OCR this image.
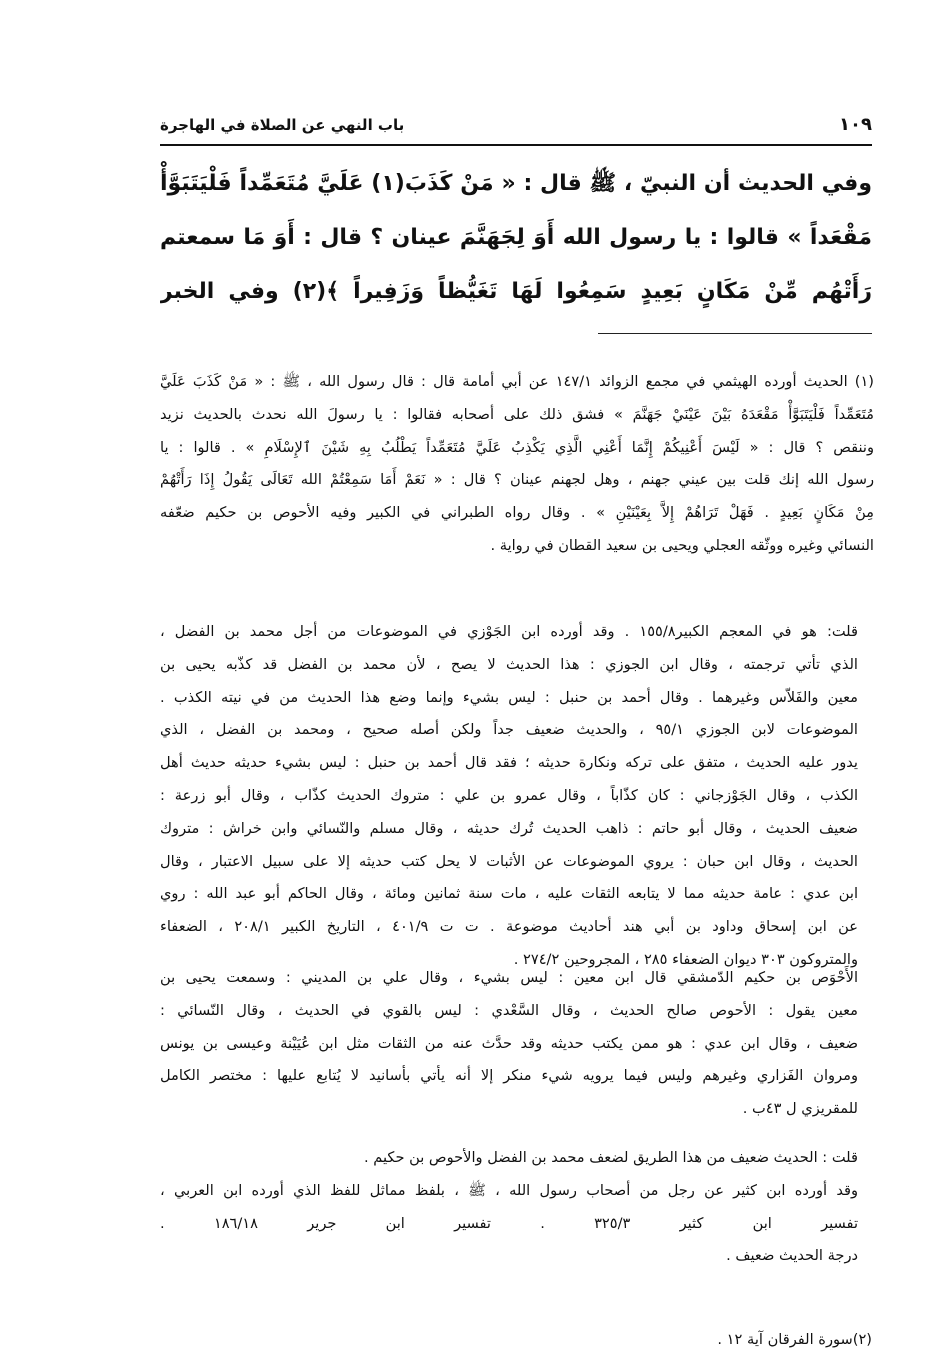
١٠٩
باب النهي عن الصلاة في الهاجرة
وفي الحديث أن النبيّ ، ﷺ قال : « مَنْ كَذَبَ(١) عَلَيَّ مُتَعَمِّداً فَلْيَتَبَوَّأْ
مَقْعَداً » قالوا : يا رسول الله أَوَ لِجَهَنَّمَ عينان ؟ قال : أَوَ مَا سمعتم
رَأَتْهُم مِّنْ مَكَانٍ بَعِيدٍ سَمِعُوا لَهَا تَغَيُّظاً وَزَفِيراً ﴾(٢) وفي الخبر
(١) الحديث أورده الهيثمي في مجمع الزوائد ١٤٧/١ عن أبي أمامة قال : قال رسول الله ، ﷺ : « مَنْ كَذَبَ عَلَيَّ
مُتَعَمِّداً فَلْيَتَبَوَّأْ مَقْعَدَهُ بَيْنَ عَيْنَيْ جَهَنَّمَ » فشق ذلك على أصحابه فقالوا : يا رسولَ الله نحدث بالحديث نزيد
وننقص ؟ قال : « لَيْسَ أَعْنِيكُمْ إِنَّمَا أَعْنِي الَّذِي يَكْذِبُ عَلَيَّ مُتَعَمِّداً يَطْلُبُ بِهِ شَيْنَ ٱلإِسْلَامِ » . قالوا : يا
رسول الله إنك قلت بين عيني جهنم ، وهل لجهنم عينان ؟ قال : « نَعَمْ أَمَا سَمِعْتُمْ الله تَعَالَى يَقُولُ إِذَا رَأَتْهُمْ
مِنْ مَكَانٍ بَعِيدٍ . فَهَلْ تَرَاهُمْ إِلاَّ بِعَيْنَيْنِ » . وقال رواه الطبراني في الكبير وفيه الأحوص بن حكيم ضعّفه
النسائي وغيره ووثّقه العجلي ويحيى بن سعيد القطان في رواية .
قلت: هو في المعجم الكبير١٥٥/٨ . وقد أورده ابن الجَوْزي في الموضوعات من أجل محمد بن الفضل ،
الذي تأتي ترجمته ، وقال ابن الجوزي : هذا الحديث لا يصح ، لأن محمد بن الفضل قد كذّبه يحيى بن
معين والفَلاّس وغيرهما . وقال أحمد بن حنبل : ليس بشيء وإنما وضع هذا الحديث من في نيته الكذب .
الموضوعات لابن الجوزي ٩٥/١ ، والحديث ضعيف جداً ولكن أصله صحيح ، ومحمد بن الفضل ، الذي
يدور عليه الحديث ، متفق على تركه ونكارة حديثه ؛ فقد قال أحمد بن حنبل : ليس بشيء حديثه حديث أهل
الكذب ، وقال الجَوْزجاني : كان كذّاباً ، وقال عمرو بن علي : متروك الحديث كذّاب ، وقال أبو زرعة :
ضعيف الحديث ، وقال أبو حاتم : ذاهب الحديث تُرك حديثه ، وقال مسلم والنّسائي وابن خراش : متروك
الحديث ، وقال ابن حبان : يروي الموضوعات عن الأثبات لا يحل كتب حديثه إلا على سبيل الاعتبار ، وقال
ابن عدي : عامة حديثه مما لا يتابعه الثقات عليه ، مات سنة ثمانين ومائة ، وقال الحاكم أبو عبد الله : روي
عن ابن إسحاق وداود بن أبي هند أحاديث موضوعة . ت ت ٤٠١/٩ ، التاريخ الكبير ٢٠٨/١ ، الضعفاء
والمتروكون ٣٠٣ ديوان الضعفاء ٢٨٥ ، المجروحين ٢٧٤/٢ .
الأَحْوَص بن حكيم الدّمشقي قال ابن معين : ليس بشيء ، وقال علي بن المديني : وسمعت يحيى بن
معين يقول : الأحوص صالح الحديث ، وقال السَّعْدي : ليس بالقوي في الحديث ، وقال النّسائي :
ضعيف ، وقال ابن عدي : هو ممن يكتب حديثه وقد حدَّث عنه من الثقات مثل ابن عُيَيْنة وعيسى بن يونس
ومروان الفَزاري وغيرهم وليس فيما يرويه شيء منكر إلا أنه يأتي بأسانيد لا يُتابع عليها : مختصر الكامل
للمقريزي ل ٤٣ب .
قلت : الحديث ضعيف من هذا الطريق لضعف محمد بن الفضل والأحوص بن حكيم .
وقد أورده ابن كثير عن رجل من أصحاب رسول الله ، ﷺ ، بلفظ مماثل للفظ الذي أورده ابن العربي ،
تفسير ابن كثير ٣٢٥/٣ . تفسير ابن جرير ١٨٦/١٨ .
درجة الحديث ضعيف .
(٢)سورة الفرقان آية ١٢ .
